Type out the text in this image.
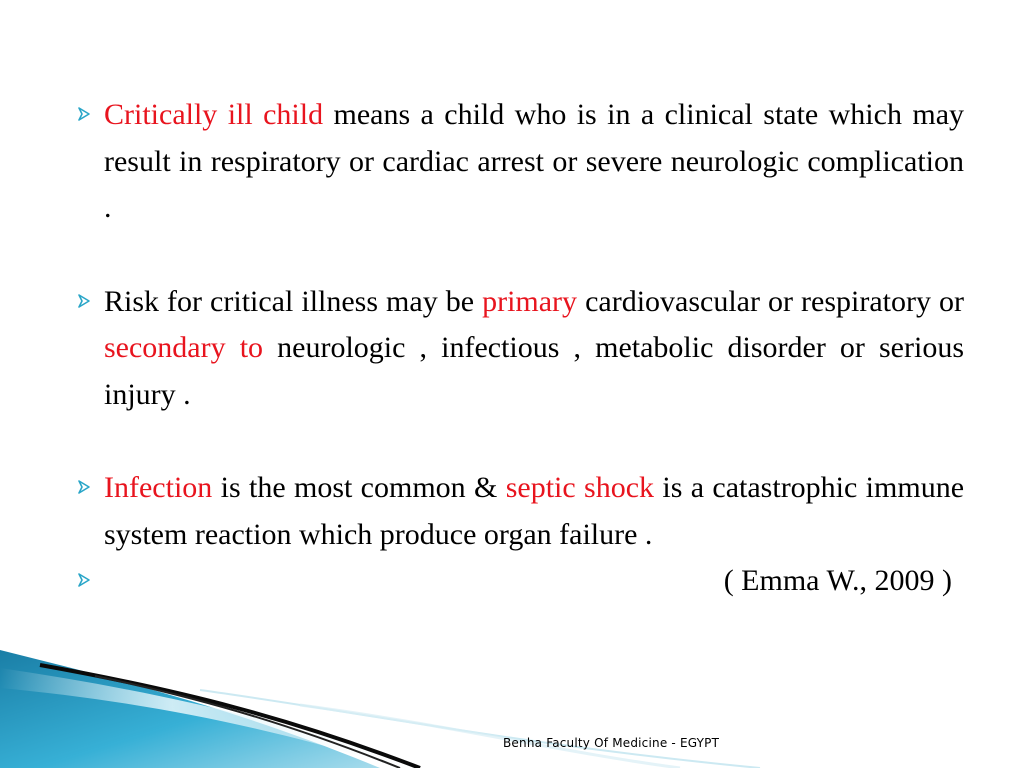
Critically ill child means a child who is in a clinical state which may result in respiratory or cardiac arrest or severe neurologic complication .

Risk for critical illness may be primary cardiovascular or respiratory or secondary to neurologic , infectious , metabolic disorder or serious injury .

Infection is the most common & septic shock is a catastrophic immune system reaction which produce organ failure .

( Emma W., 2009 )

Benha Faculty Of Medicine - EGYPT
